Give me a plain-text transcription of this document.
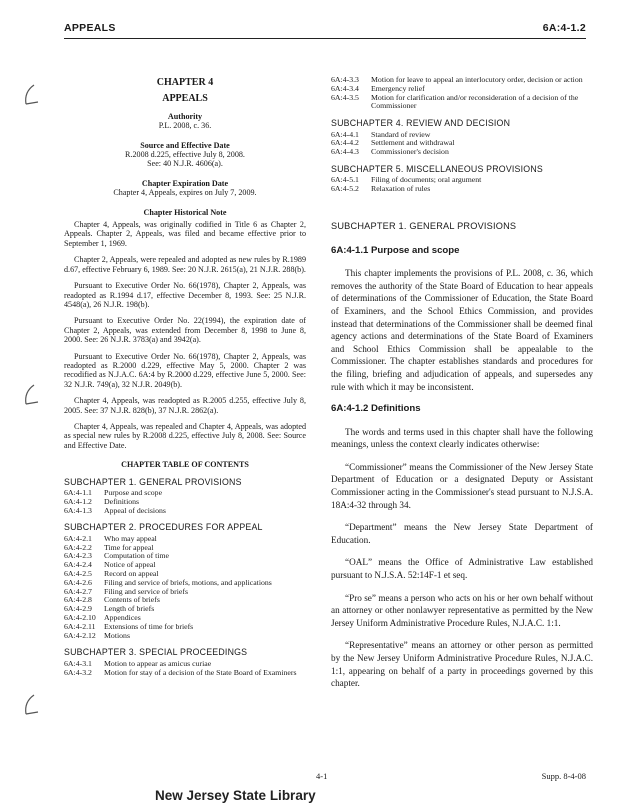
APPEALS	6A:4-1.2

CHAPTER 4

APPEALS

Authority

P.L. 2008, c. 36.

Source and Effective Date

R.2008 d.225, effective July 8, 2008.

See: 40 N.J.R. 4606(a).

Chapter Expiration Date

Chapter 4, Appeals, expires on July 7, 2009.

Chapter Historical Note

Chapter 4, Appeals, was originally codified in Title 6 as Chapter 2, Appeals. Chapter 2, Appeals, was filed and became effective prior to September 1, 1969.

Chapter 2, Appeals, were repealed and adopted as new rules by R.1989 d.67, effective February 6, 1989. See: 20 N.J.R. 2615(a), 21 N.J.R. 288(b).

Pursuant to Executive Order No. 66(1978), Chapter 2, Appeals, was readopted as R.1994 d.17, effective December 8, 1993. See: 25 N.J.R. 4548(a), 26 N.J.R. 198(b).

Pursuant to Executive Order No. 22(1994), the expiration date of Chapter 2, Appeals, was extended from December 8, 1998 to June 8, 2000. See: 26 N.J.R. 3783(a) and 3942(a).

Pursuant to Executive Order No. 66(1978), Chapter 2, Appeals, was readopted as R.2000 d.229, effective May 5, 2000. Chapter 2 was recodified as N.J.A.C. 6A:4 by R.2000 d.229, effective June 5, 2000. See: 32 N.J.R. 749(a), 32 N.J.R. 2049(b).

Chapter 4, Appeals, was readopted as R.2005 d.255, effective July 8, 2005. See: 37 N.J.R. 828(b), 37 N.J.R. 2862(a).

Chapter 4, Appeals, was repealed and Chapter 4, Appeals, was adopted as special new rules by R.2008 d.225, effective July 8, 2008. See: Source and Effective Date.

CHAPTER TABLE OF CONTENTS

SUBCHAPTER 1. GENERAL PROVISIONS

6A:4-1.1	Purpose and scope
6A:4-1.2	Definitions
6A:4-1.3	Appeal of decisions

SUBCHAPTER 2. PROCEDURES FOR APPEAL

6A:4-2.1	Who may appeal
6A:4-2.2	Time for appeal
6A:4-2.3	Computation of time
6A:4-2.4	Notice of appeal
6A:4-2.5	Record on appeal
6A:4-2.6	Filing and service of briefs, motions, and applications
6A:4-2.7	Filing and service of briefs
6A:4-2.8	Contents of briefs
6A:4-2.9	Length of briefs
6A:4-2.10	Appendices
6A:4-2.11	Extensions of time for briefs
6A:4-2.12	Motions

SUBCHAPTER 3. SPECIAL PROCEEDINGS

6A:4-3.1	Motion to appear as amicus curiae
6A:4-3.2	Motion for stay of a decision of the State Board of Examiners
6A:4-3.3	Motion for leave to appeal an interlocutory order, decision or action
6A:4-3.4	Emergency relief
6A:4-3.5	Motion for clarification and/or reconsideration of a decision of the Commissioner

SUBCHAPTER 4. REVIEW AND DECISION

6A:4-4.1	Standard of review
6A:4-4.2	Settlement and withdrawal
6A:4-4.3	Commissioner's decision

SUBCHAPTER 5. MISCELLANEOUS PROVISIONS

6A:4-5.1	Filing of documents; oral argument
6A:4-5.2	Relaxation of rules

SUBCHAPTER 1. GENERAL PROVISIONS

6A:4-1.1 Purpose and scope

This chapter implements the provisions of P.L. 2008, c. 36, which removes the authority of the State Board of Education to hear appeals of determinations of the Commissioner of Education, the State Board of Examiners, and the School Ethics Commission, and provides instead that determinations of the Commissioner shall be deemed final agency actions and determinations of the State Board of Examiners and School Ethics Commission shall be appealable to the Commissioner. The chapter establishes standards and procedures for the filing, briefing and adjudication of appeals, and supersedes any rule with which it may be inconsistent.

6A:4-1.2 Definitions

The words and terms used in this chapter shall have the following meanings, unless the context clearly indicates otherwise:

“Commissioner” means the Commissioner of the New Jersey State Department of Education or a designated Deputy or Assistant Commissioner acting in the Commissioner's stead pursuant to N.J.S.A. 18A:4-32 through 34.

“Department” means the New Jersey State Department of Education.

“OAL” means the Office of Administrative Law established pursuant to N.J.S.A. 52:14F-1 et seq.

“Pro se” means a person who acts on his or her own behalf without an attorney or other nonlawyer representative as permitted by the New Jersey Uniform Administrative Procedure Rules, N.J.A.C. 1:1.

“Representative” means an attorney or other person as permitted by the New Jersey Uniform Administrative Procedure Rules, N.J.A.C. 1:1, appearing on behalf of a party in proceedings governed by this chapter.

4-1	Supp. 8-4-08
New Jersey State Library
